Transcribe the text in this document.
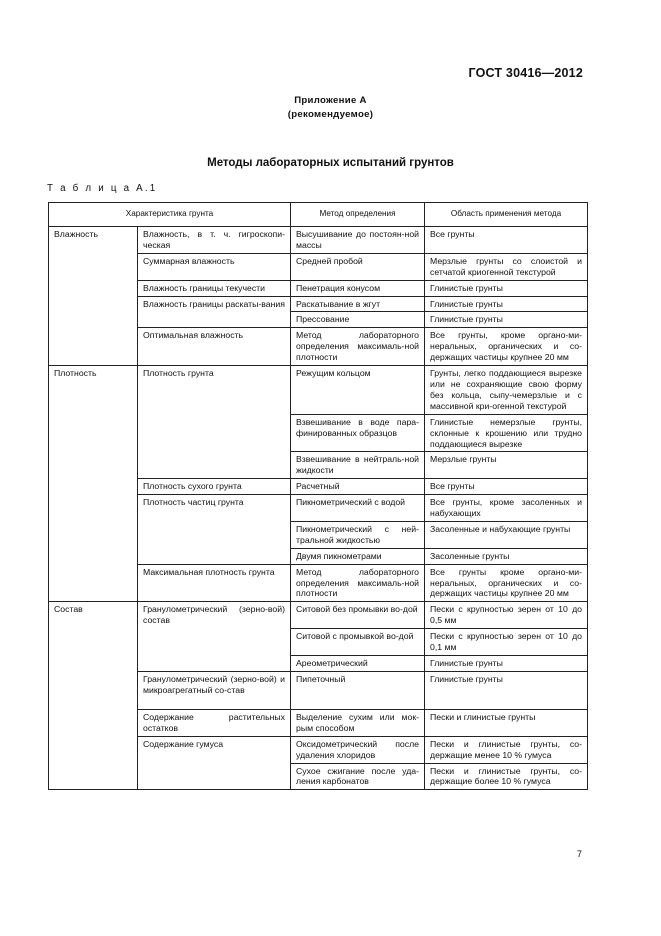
ГОСТ 30416—2012
Приложение А
(рекомендуемое)
Методы лабораторных испытаний грунтов
Т а б л и ц а А.1
Характеристика грунта		Метод определения	Область применения метода
Влажность	Влажность, в т. ч. гигроскопи-ческая	Высушивание до постоян-ной массы	Все грунты
	Суммарная влажность	Средней пробой	Мерзлые грунты со слоистой и сетчатой криогенной текстурой
	Влажность границы текучести	Пенетрация конусом	Глинистые грунты
	Влажность границы раскаты-вания	Раскатывание в жгут	Глинистые грунты
		Прессование	Глинистые грунты
	Оптимальная влажность	Метод лабораторного определения максималь-ной плотности	Все грунты, кроме органо-ми-неральных, органических и со-держащих частицы крупнее 20 мм
Плотность	Плотность грунта	Режущим кольцом	Грунты, легко поддающиеся вырезке или не сохраняющие свою форму без кольца, сыпу-чемерзлые и с массивной кри-огенной текстурой
		Взвешивание в воде пара-финированных образцов	Глинистые немерзлые грунты, склонные к крошению или трудно поддающиеся вырезке
		Взвешивание в нейтраль-ной жидкости	Мерзлые грунты
	Плотность сухого грунта	Расчетный	Все грунты
	Плотность частиц грунта	Пикнометрический с водой	Все грунты, кроме засоленных и набухающих
		Пикнометрический с ней-тральной жидкостью	Засоленные и набухающие грунты
		Двумя пикнометрами	Засоленные грунты
	Максимальная плотность грунта	Метод лабораторного определения максималь-ной плотности	Все грунты кроме органо-ми-неральных, органических и со-держащих частицы крупнее 20 мм
Состав	Гранулометрический (зерно-вой) состав	Ситовой без промывки во-дой	Пески с крупностью зерен от 10 до 0,5 мм
		Ситовой с промывкой во-дой	Пески с крупностью зерен от 10 до 0,1 мм
		Ареометрический	Глинистые грунты
	Гранулометрический (зерно-вой) и микроагрегатный со-став	Пипеточный	Глинистые грунты
	Содержание растительных остатков	Выделение сухим или мок-рым способом	Пески и глинистые грунты
	Содержание гумуса	Оксидометрический после удаления хлоридов	Пески и глинистые грунты, со-держащие менее 10 % гумуса
		Сухое сжигание после уда-ления карбонатов	Пески и глинистые грунты, со-держащие более 10 % гумуса
7
